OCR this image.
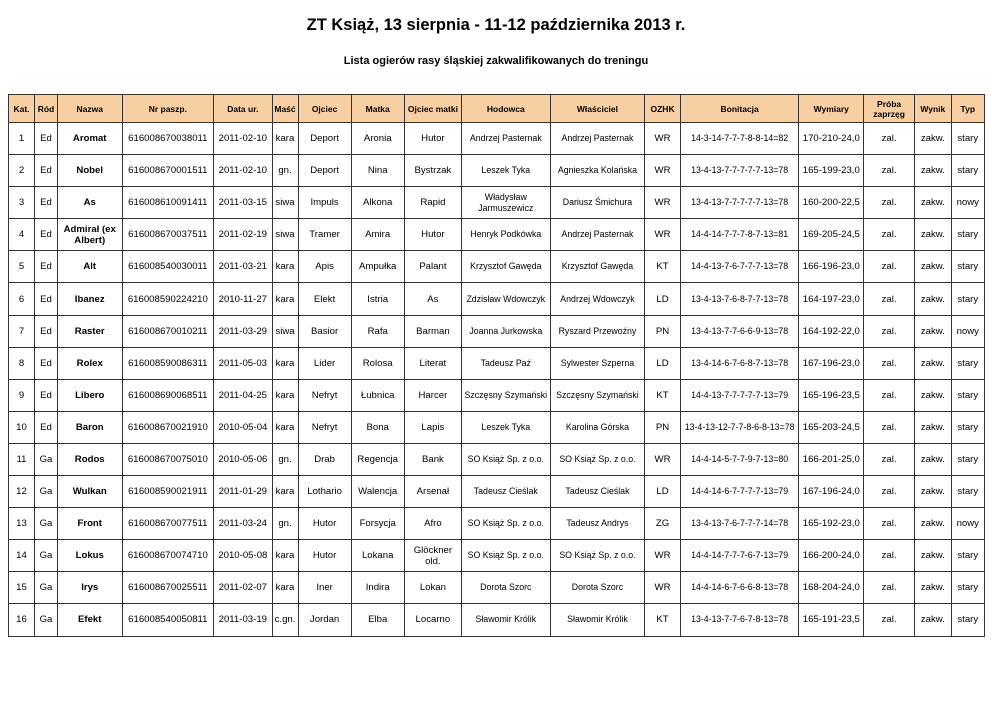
ZT Książ, 13 sierpnia - 11-12 października 2013 r.
Lista ogierów rasy śląskiej zakwalifikowanych do treningu
Kat.	Ród	Nazwa	Nr paszp.	Data ur.	Maść	Ojciec	Matka	Ojciec matki	Hodowca	Właściciel	OZHK	Bonitacja	Wymiary	Próba zaprzęg	Wynik	Typ
1	Ed	Aromat	616008670038011	2011-02-10	kara	Deport	Aronia	Hutor	Andrzej Pasternak	Andrzej Pasternak	WR	14-3-14-7-7-7-8-8-14=82	170-210-24,0	zal.	zakw.	stary
2	Ed	Nobel	616008670001511	2011-02-10	gn.	Deport	Nina	Bystrzak	Leszek Tyka	Agnieszka Kolańska	WR	13-4-13-7-7-7-7-7-13=78	165-199-23,0	zal.	zakw.	stary
3	Ed	As	616008610091411	2011-03-15	siwa	Impuls	Alkona	Rapid	Władysław Jarmuszewicz	Dariusz Śmichura	WR	13-4-13-7-7-7-7-7-13=78	160-200-22,5	zal.	zakw.	nowy
4	Ed	Admirał (ex Albert)	616008670037511	2011-02-19	siwa	Tramer	Amira	Hutor	Henryk Podkówka	Andrzej Pasternak	WR	14-4-14-7-7-7-8-7-13=81	169-205-24,5	zal.	zakw.	stary
5	Ed	Alt	616008540030011	2011-03-21	kara	Apis	Ampułka	Palant	Krzysztof Gawęda	Krzysztof Gawęda	KT	14-4-13-7-6-7-7-7-13=78	166-196-23,0	zal.	zakw.	stary
6	Ed	Ibanez	616008590224210	2010-11-27	kara	Elekt	Istria	As	Zdzisław Wdowczyk	Andrzej Wdowczyk	LD	13-4-13-7-6-8-7-7-13=78	164-197-23,0	zal.	zakw.	stary
7	Ed	Raster	616008670010211	2011-03-29	siwa	Basior	Rafa	Barman	Joanna Jurkowska	Ryszard Przewoźny	PN	13-4-13-7-7-6-6-9-13=78	164-192-22,0	zal.	zakw.	nowy
8	Ed	Rolex	616008590086311	2011-05-03	kara	Lider	Rolosa	Literat	Tadeusz Paź	Sylwester Szperna	LD	13-4-14-6-7-6-8-7-13=78	167-196-23,0	zal.	zakw.	stary
9	Ed	Libero	616008690068511	2011-04-25	kara	Nefryt	Łubnica	Harcer	Szczęsny Szymański	Szczęsny Szymański	KT	14-4-13-7-7-7-7-7-13=79	165-196-23,5	zal.	zakw.	stary
10	Ed	Baron	616008670021910	2010-05-04	kara	Nefryt	Bona	Lapis	Leszek Tyka	Karolina Górska	PN	13-4-13-12-7-7-8-6-8-13=78	165-203-24,5	zal.	zakw.	stary
11	Ga	Rodos	616008670075010	2010-05-06	gn.	Drab	Regencja	Bank	SO Książ Sp. z o.o.	SO Książ Sp. z o.o.	WR	14-4-14-5-7-7-9-7-13=80	166-201-25,0	zal.	zakw.	stary
12	Ga	Wulkan	616008590021911	2011-01-29	kara	Lothario	Walencja	Arsenał	Tadeusz Cieślak	Tadeusz Cieślak	LD	14-4-14-6-7-7-7-7-13=79	167-196-24,0	zal.	zakw.	stary
13	Ga	Front	616008670077511	2011-03-24	gn.	Hutor	Forsycja	Afro	SO Książ Sp. z o.o.	Tadeusz Andrys	ZG	13-4-13-7-6-7-7-7-14=78	165-192-23,0	zal.	zakw.	nowy
14	Ga	Lokus	616008670074710	2010-05-08	kara	Hutor	Lokana	Glöckner old.	SO Książ Sp. z o.o.	SO Książ Sp. z o.o.	WR	14-4-14-7-7-7-6-7-13=79	166-200-24,0	zal.	zakw.	stary
15	Ga	Irys	616008670025511	2011-02-07	kara	Iner	Indira	Lokan	Dorota Szorc	Dorota Szorc	WR	14-4-14-6-7-6-6-8-13=78	168-204-24,0	zal.	zakw.	stary
16	Ga	Efekt	616008540050811	2011-03-19	c.gn.	Jordan	Elba	Locarno	Sławomir Królik	Sławomir Królik	KT	13-4-13-7-7-6-7-8-13=78	165-191-23,5	zal.	zakw.	stary
